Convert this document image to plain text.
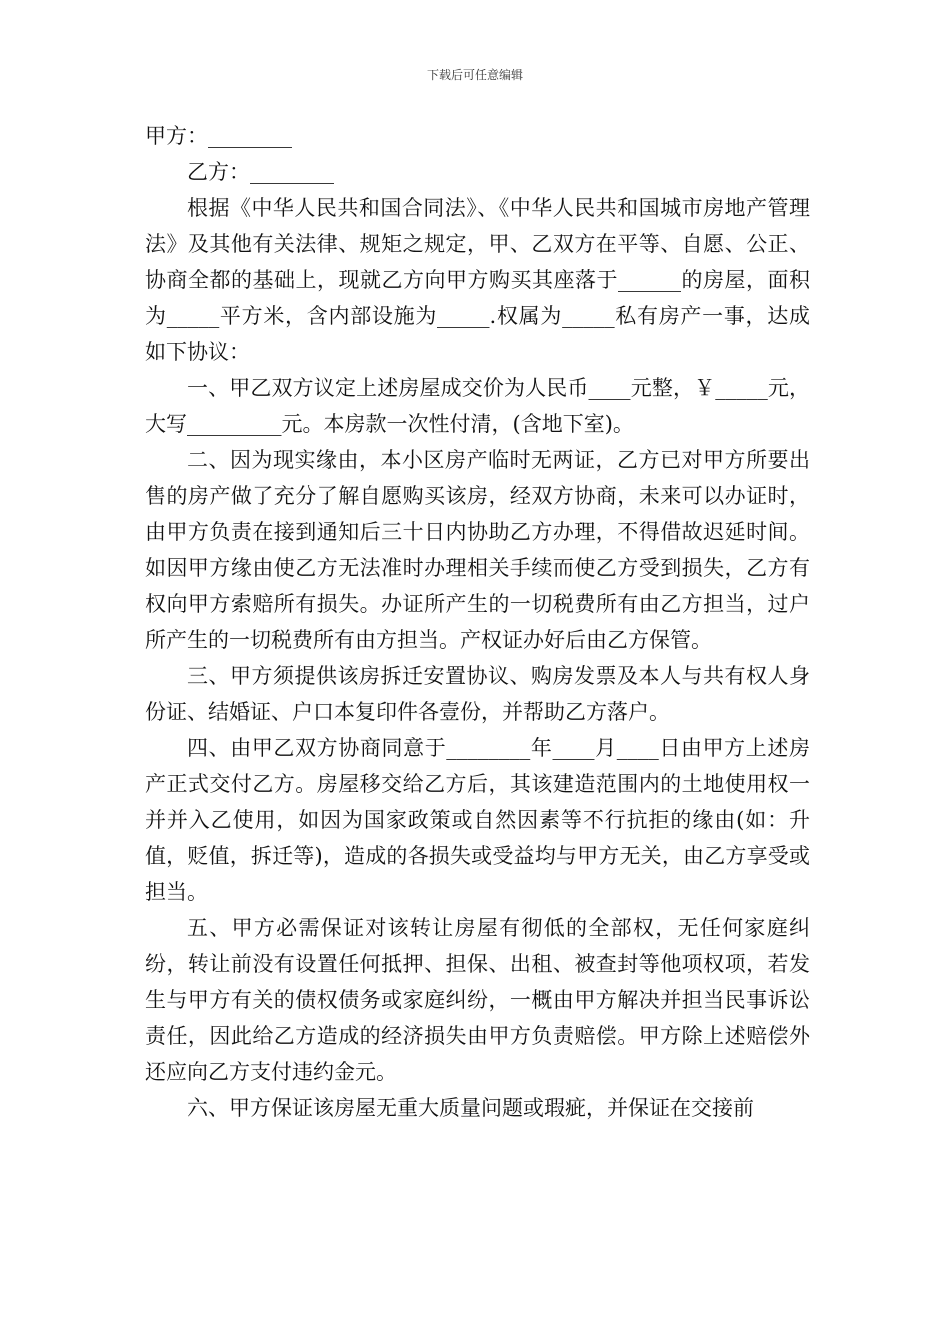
下载后可任意编辑

甲方：________

乙方：________

根据《中华人民共和国合同法》、《中华人民共和国城市房地产管理法》及其他有关法律、规矩之规定，甲、乙双方在平等、自愿、公正、协商全都的基础上，现就乙方向甲方购买其座落于______的房屋，面积为_____平方米，含内部设施为_____.权属为_____私有房产一事，达成如下协议：

一、甲乙双方议定上述房屋成交价为人民币____元整，￥_____元，大写_________元。本房款一次性付清，(含地下室)。

二、因为现实缘由，本小区房产临时无两证，乙方已对甲方所要出售的房产做了充分了解自愿购买该房，经双方协商，未来可以办证时，由甲方负责在接到通知后三十日内协助乙方办理，不得借故迟延时间。如因甲方缘由使乙方无法准时办理相关手续而使乙方受到损失，乙方有权向甲方索赔所有损失。办证所产生的一切税费所有由乙方担当，过户所产生的一切税费所有由方担当。产权证办好后由乙方保管。

三、甲方须提供该房拆迁安置协议、购房发票及本人与共有权人身份证、结婚证、户口本复印件各壹份，并帮助乙方落户。

四、由甲乙双方协商同意于________年____月____日由甲方上述房产正式交付乙方。房屋移交给乙方后，其该建造范围内的土地使用权一并并入乙使用，如因为国家政策或自然因素等不行抗拒的缘由(如：升值，贬值，拆迁等)，造成的各损失或受益均与甲方无关，由乙方享受或担当。

五、甲方必需保证对该转让房屋有彻低的全部权，无任何家庭纠纷，转让前没有设置任何抵押、担保、出租、被查封等他项权项，若发生与甲方有关的债权债务或家庭纠纷，一概由甲方解决并担当民事诉讼责任，因此给乙方造成的经济损失由甲方负责赔偿。甲方除上述赔偿外还应向乙方支付违约金元。

六、甲方保证该房屋无重大质量问题或瑕疵，并保证在交接前
